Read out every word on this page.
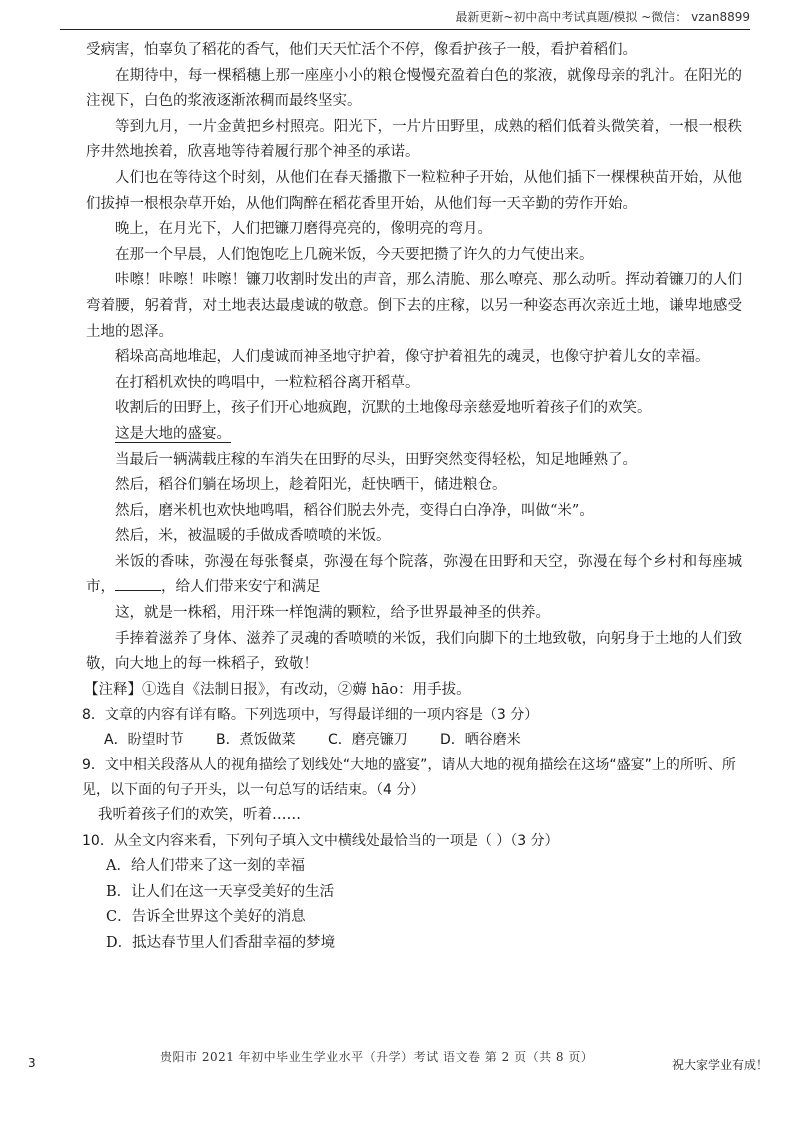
最新更新~初中高中考试真题/模拟 ~微信： vzan8899

受病害，怕辜负了稻花的香气，他们天天忙活个不停，像看护孩子一般，看护着稻们。

在期待中，每一棵稻穗上那一座座小小的粮仓慢慢充盈着白色的浆液，就像母亲的乳汁。在阳光的注视下，白色的浆液逐渐浓稠而最终坚实。

等到九月，一片金黄把乡村照亮。阳光下，一片片田野里，成熟的稻们低着头微笑着，一根一根秩序井然地挨着，欣喜地等待着履行那个神圣的承诺。

人们也在等待这个时刻，从他们在春天播撒下一粒粒种子开始，从他们插下一棵棵秧苗开始，从他们拔掉一根根杂草开始，从他们陶醉在稻花香里开始，从他们每一天辛勤的劳作开始。

晚上，在月光下，人们把镰刀磨得亮亮的，像明亮的弯月。

在那一个早晨，人们饱饱吃上几碗米饭，今天要把攒了许久的力气使出来。

咔嚓！咔嚓！咔嚓！镰刀收割时发出的声音，那么清脆、那么嘹亮、那么动听。挥动着镰刀的人们弯着腰，躬着背，对土地表达最虔诚的敬意。倒下去的庄稼，以另一种姿态再次亲近土地，谦卑地感受土地的恩泽。

稻垛高高地堆起，人们虔诚而神圣地守护着，像守护着祖先的魂灵，也像守护着儿女的幸福。

在打稻机欢快的鸣唱中，一粒粒稻谷离开稻草。

收割后的田野上，孩子们开心地疯跑，沉默的土地像母亲慈爱地听着孩子们的欢笑。

这是大地的盛宴。

当最后一辆满载庄稼的车消失在田野的尽头，田野突然变得轻松，知足地睡熟了。

然后，稻谷们躺在场坝上，趁着阳光，赶快晒干，储进粮仓。

然后，磨米机也欢快地鸣唱，稻谷们脱去外壳，变得白白净净，叫做“米”。

然后，米，被温暖的手做成香喷喷的米饭。

米饭的香味，弥漫在每张餐桌，弥漫在每个院落，弥漫在田野和天空，弥漫在每个乡村和每座城市，	，给人们带来安宁和满足

这，就是一株稻，用汗珠一样饱满的颗粒，给予世界最神圣的供养。

手捧着滋养了身体、滋养了灵魂的香喷喷的米饭，我们向脚下的土地致敬，向躬身于土地的人们致敬，向大地上的每一株稻子，致敬！

【注释】①选自《法制日报》，有改动，②薅 hāo：用手拔。

8．文章的内容有详有略。下列选项中，写得最详细的一项内容是（3 分）

A．盼望时节	B．煮饭做菜	C．磨亮镰刀	D．晒谷磨米

9．文中相关段落从人的视角描绘了划线处“大地的盛宴”，请从大地的视角描绘在这场“盛宴”上的所听、所见，以下面的句子开头，以一句总写的话结束。（4 分）

我听着孩子们的欢笑，听着……

10．从全文内容来看，下列句子填入文中横线处最恰当的一项是（ ）（3 分）

A．给人们带来了这一刻的幸福

B．让人们在这一天享受美好的生活

C．告诉全世界这个美好的消息

D．抵达春节里人们香甜幸福的梦境

3	贵阳市 2021 年初中毕业生学业水平（升学）考试 语文卷 第 2 页（共 8 页）
祝大家学业有成！
